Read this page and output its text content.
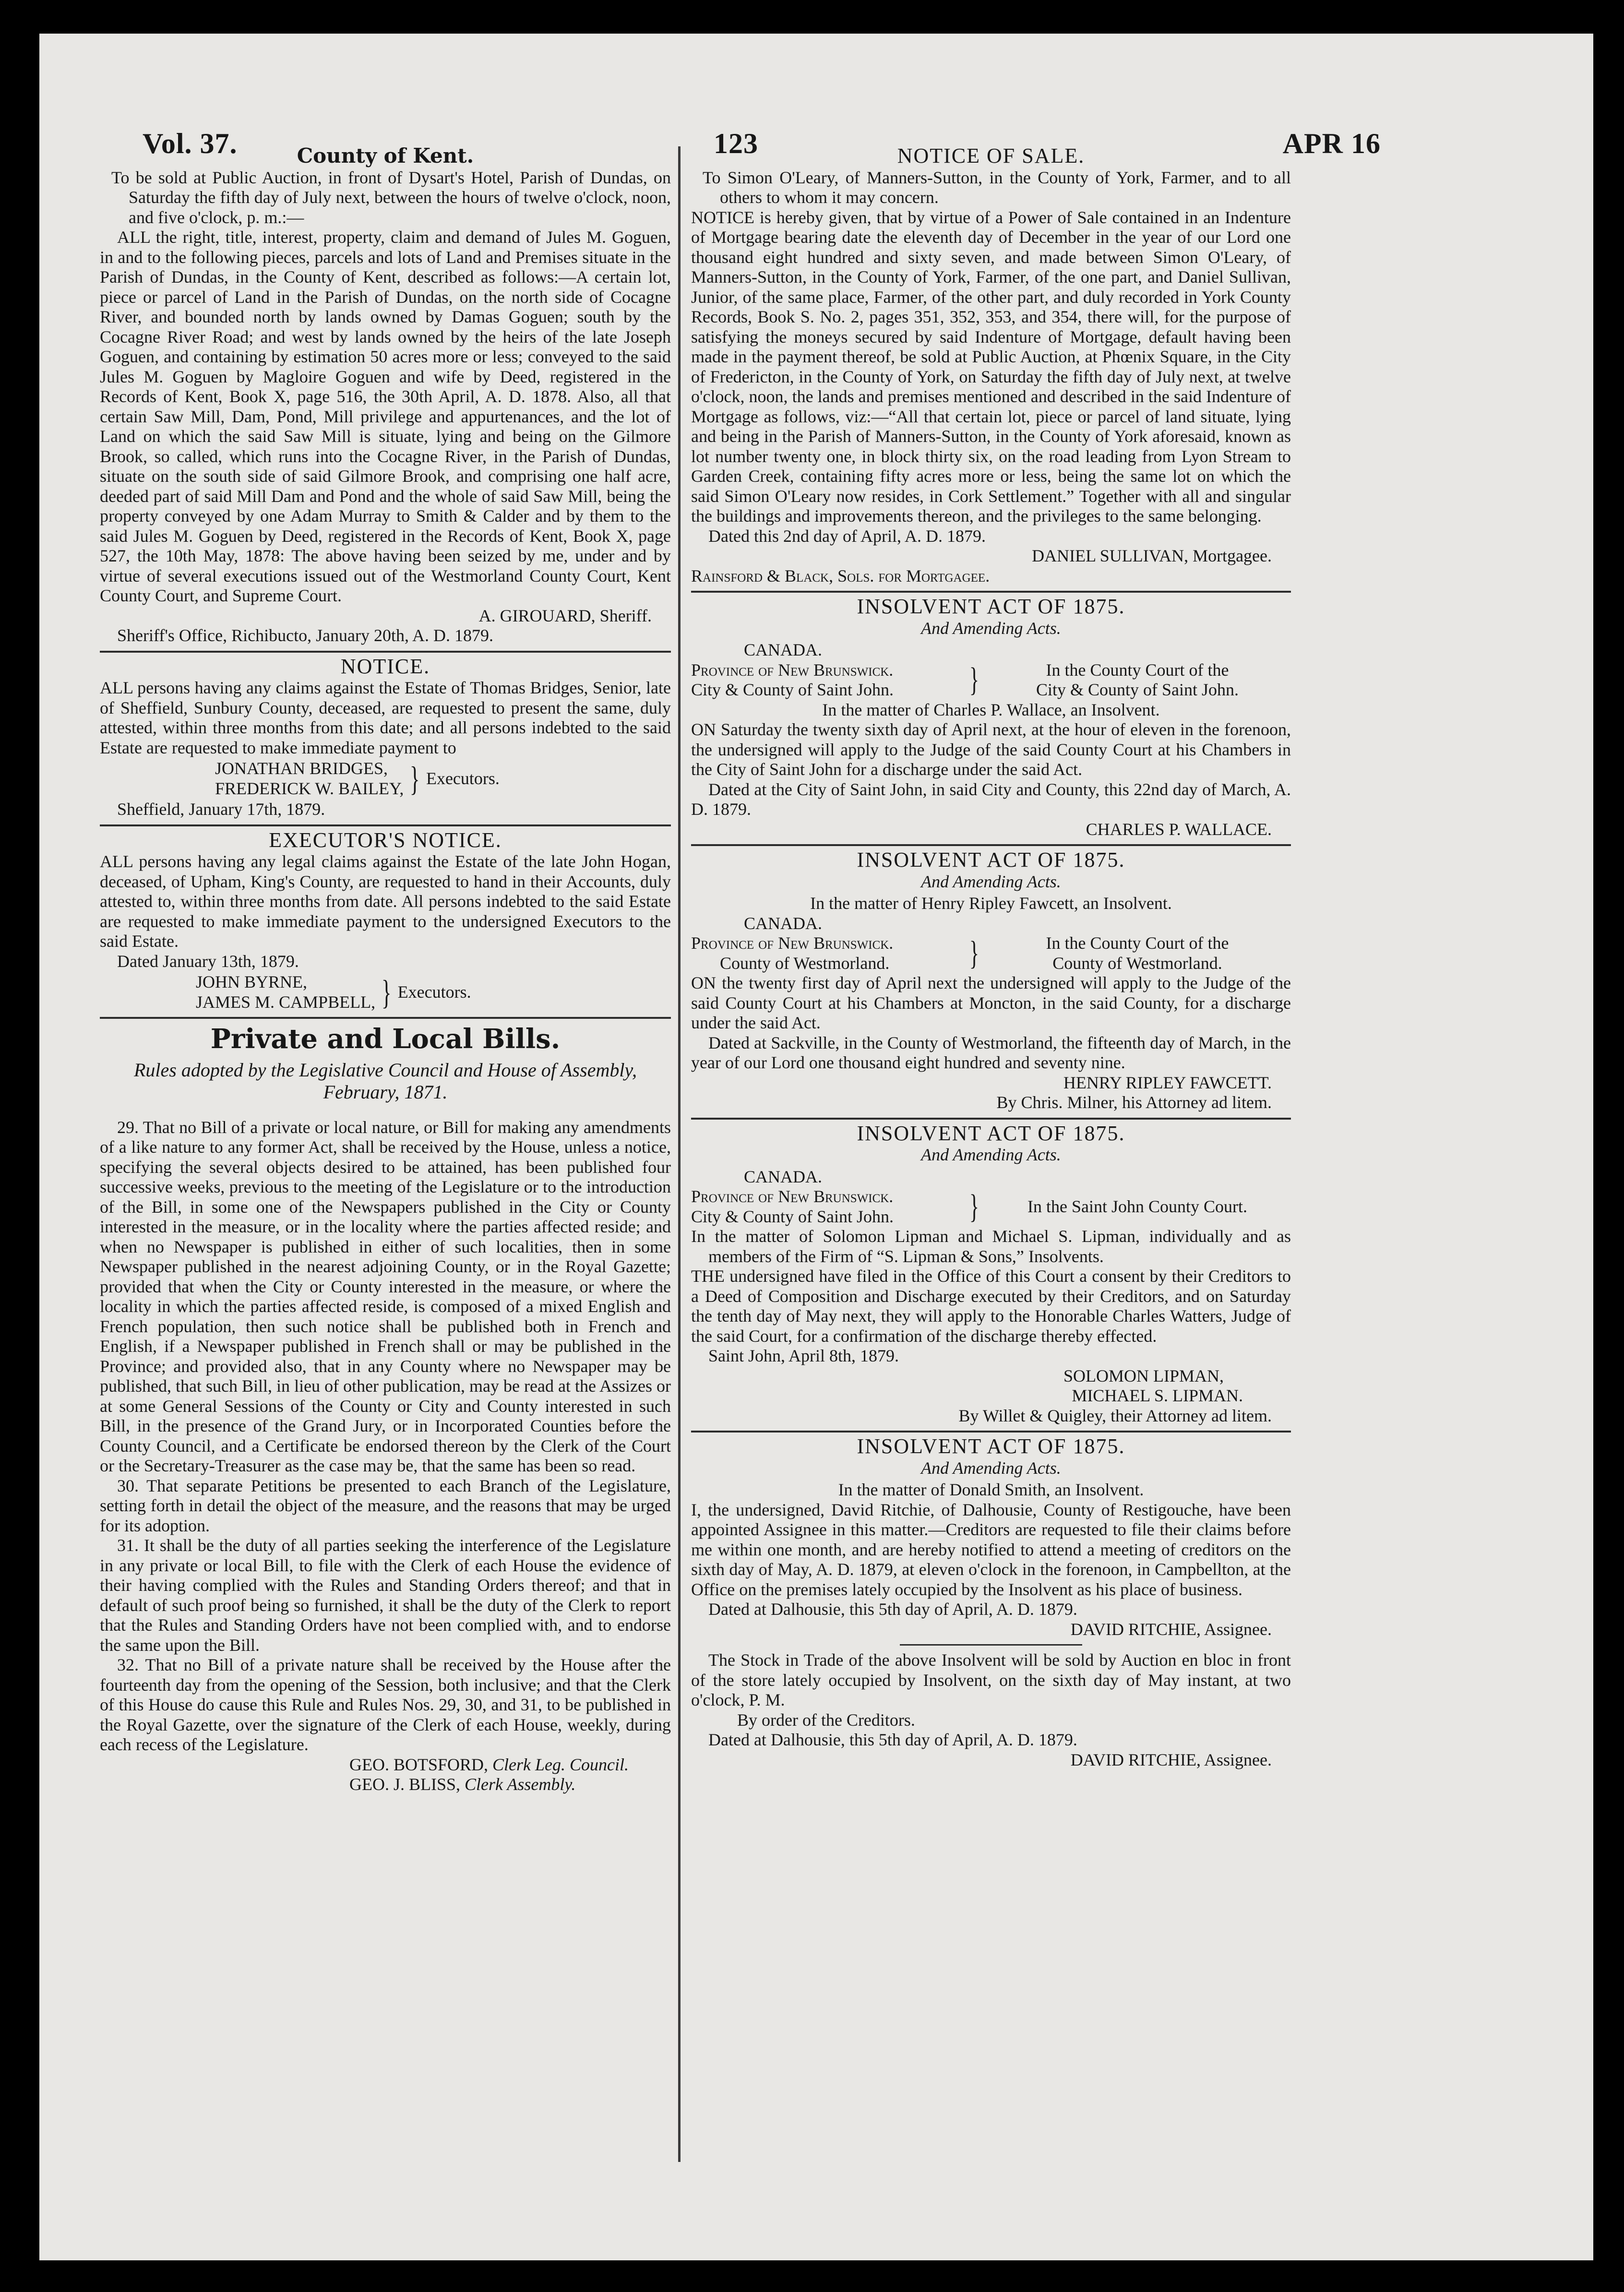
Vol. 37.	123	APR 16
County of Kent.

To be sold at Public Auction, in front of Dysart's Hotel, Parish of Dundas, on Saturday the fifth day of July next, between the hours of twelve o'clock, noon, and five o'clock, p. m.:—

ALL the right, title, interest, property, claim and demand of Jules M. Goguen, in and to the following pieces, parcels and lots of Land and Premises situate in the Parish of Dundas, in the County of Kent, described as follows:—A certain lot, piece or parcel of Land in the Parish of Dundas, on the north side of Cocagne River, and bounded north by lands owned by Damas Goguen; south by the Cocagne River Road; and west by lands owned by the heirs of the late Joseph Goguen, and containing by estimation 50 acres more or less; conveyed to the said Jules M. Goguen by Magloire Goguen and wife by Deed, registered in the Records of Kent, Book X, page 516, the 30th April, A. D. 1878. Also, all that certain Saw Mill, Dam, Pond, Mill privilege and appurtenances, and the lot of Land on which the said Saw Mill is situate, lying and being on the Gilmore Brook, so called, which runs into the Cocagne River, in the Parish of Dundas, situate on the south side of said Gilmore Brook, and comprising one half acre, deeded part of said Mill Dam and Pond and the whole of said Saw Mill, being the property conveyed by one Adam Murray to Smith & Calder and by them to the said Jules M. Goguen by Deed, registered in the Records of Kent, Book X, page 527, the 10th May, 1878: The above having been seized by me, under and by virtue of several executions issued out of the Westmorland County Court, Kent County Court, and Supreme Court.

A. GIROUARD, Sheriff.

Sheriff's Office, Richibucto, January 20th, A. D. 1879.

NOTICE.

ALL persons having any claims against the Estate of Thomas Bridges, Senior, late of Sheffield, Sunbury County, deceased, are requested to present the same, duly attested, within three months from this date; and all persons indebted to the said Estate are requested to make immediate payment to

JONATHAN BRIDGES,
FREDERICK W. BAILEY, } Executors.

Sheffield, January 17th, 1879.

EXECUTOR'S NOTICE.

ALL persons having any legal claims against the Estate of the late John Hogan, deceased, of Upham, King's County, are requested to hand in their Accounts, duly attested to, within three months from date. All persons indebted to the said Estate are requested to make immediate payment to the undersigned Executors to the said Estate.

Dated January 13th, 1879.

JOHN BYRNE,
JAMES M. CAMPBELL, } Executors.
Private and Local Bills.

Rules adopted by the Legislative Council and House of Assembly, February, 1871.

29. That no Bill of a private or local nature, or Bill for making any amendments of a like nature to any former Act, shall be received by the House, unless a notice, specifying the several objects desired to be attained, has been published four successive weeks, previous to the meeting of the Legislature or to the introduction of the Bill, in some one of the Newspapers published in the City or County interested in the measure, or in the locality where the parties affected reside; and when no Newspaper is published in either of such localities, then in some Newspaper published in the nearest adjoining County, or in the Royal Gazette; provided that when the City or County interested in the measure, or where the locality in which the parties affected reside, is composed of a mixed English and French population, then such notice shall be published both in French and English, if a Newspaper published in French shall or may be published in the Province; and provided also, that in any County where no Newspaper may be published, that such Bill, in lieu of other publication, may be read at the Assizes or at some General Sessions of the County or City and County interested in such Bill, in the presence of the Grand Jury, or in Incorporated Counties before the County Council, and a Certificate be endorsed thereon by the Clerk of the Court or the Secretary-Treasurer as the case may be, that the same has been so read.

30. That separate Petitions be presented to each Branch of the Legislature, setting forth in detail the object of the measure, and the reasons that may be urged for its adoption.

31. It shall be the duty of all parties seeking the interference of the Legislature in any private or local Bill, to file with the Clerk of each House the evidence of their having complied with the Rules and Standing Orders thereof; and that in default of such proof being so furnished, it shall be the duty of the Clerk to report that the Rules and Standing Orders have not been complied with, and to endorse the same upon the Bill.

32. That no Bill of a private nature shall be received by the House after the fourteenth day from the opening of the Session, both inclusive; and that the Clerk of this House do cause this Rule and Rules Nos. 29, 30, and 31, to be published in the Royal Gazette, over the signature of the Clerk of each House, weekly, during each recess of the Legislature.

GEO. BOTSFORD, Clerk Leg. Council.

GEO. J. BLISS, Clerk Assembly.

NOTICE OF SALE.

To Simon O'Leary, of Manners-Sutton, in the County of York, Farmer, and to all others to whom it may concern.

NOTICE is hereby given, that by virtue of a Power of Sale contained in an Indenture of Mortgage bearing date the eleventh day of December in the year of our Lord one thousand eight hundred and sixty seven, and made between Simon O'Leary, of Manners-Sutton, in the County of York, Farmer, of the one part, and Daniel Sullivan, Junior, of the same place, Farmer, of the other part, and duly recorded in York County Records, Book S. No. 2, pages 351, 352, 353, and 354, there will, for the purpose of satisfying the moneys secured by said Indenture of Mortgage, default having been made in the payment thereof, be sold at Public Auction, at Phœnix Square, in the City of Fredericton, in the County of York, on Saturday the fifth day of July next, at twelve o'clock, noon, the lands and premises mentioned and described in the said Indenture of Mortgage as follows, viz:—“All that certain lot, piece or parcel of land situate, lying and being in the Parish of Manners-Sutton, in the County of York aforesaid, known as lot number twenty one, in block thirty six, on the road leading from Lyon Stream to Garden Creek, containing fifty acres more or less, being the same lot on which the said Simon O'Leary now resides, in Cork Settlement.” Together with all and singular the buildings and improvements thereon, and the privileges to the same belonging.

Dated this 2nd day of April, A. D. 1879.

DANIEL SULLIVAN, Mortgagee.

Rainsford & Black, Sols. for Mortgagee.

INSOLVENT ACT OF 1875.

And Amending Acts.

CANADA.

Province of New Brunswick.
City & County of Saint John.	}	In the County Court of the
City & County of Saint John.

In the matter of Charles P. Wallace, an Insolvent.

ON Saturday the twenty sixth day of April next, at the hour of eleven in the forenoon, the undersigned will apply to the Judge of the said County Court at his Chambers in the City of Saint John for a discharge under the said Act.

Dated at the City of Saint John, in said City and County, this 22nd day of March, A. D. 1879.

CHARLES P. WALLACE.

INSOLVENT ACT OF 1875.

And Amending Acts.

In the matter of Henry Ripley Fawcett, an Insolvent.

CANADA.

Province of New Brunswick.
County of Westmorland.	}	In the County Court of the
County of Westmorland.

ON the twenty first day of April next the undersigned will apply to the Judge of the said County Court at his Chambers at Moncton, in the said County, for a discharge under the said Act.

Dated at Sackville, in the County of Westmorland, the fifteenth day of March, in the year of our Lord one thousand eight hundred and seventy nine.

HENRY RIPLEY FAWCETT.

By Chris. Milner, his Attorney ad litem.

INSOLVENT ACT OF 1875.

And Amending Acts.

CANADA.

Province of New Brunswick.
City & County of Saint John.	}	In the Saint John County Court.

In the matter of Solomon Lipman and Michael S. Lipman, individually and as members of the Firm of “S. Lipman & Sons,” Insolvents.

THE undersigned have filed in the Office of this Court a consent by their Creditors to a Deed of Composition and Discharge executed by their Creditors, and on Saturday the tenth day of May next, they will apply to the Honorable Charles Watters, Judge of the said Court, for a confirmation of the discharge thereby effected.

Saint John, April 8th, 1879.

SOLOMON LIPMAN,

MICHAEL S. LIPMAN.

By Willet & Quigley, their Attorney ad litem.

INSOLVENT ACT OF 1875.

And Amending Acts.

In the matter of Donald Smith, an Insolvent.

I, the undersigned, David Ritchie, of Dalhousie, County of Restigouche, have been appointed Assignee in this matter.—Creditors are requested to file their claims before me within one month, and are hereby notified to attend a meeting of creditors on the sixth day of May, A. D. 1879, at eleven o'clock in the forenoon, in Campbellton, at the Office on the premises lately occupied by the Insolvent as his place of business.

Dated at Dalhousie, this 5th day of April, A. D. 1879.

DAVID RITCHIE, Assignee.

The Stock in Trade of the above Insolvent will be sold by Auction en bloc in front of the store lately occupied by Insolvent, on the sixth day of May instant, at two o'clock, P. M.

By order of the Creditors.

Dated at Dalhousie, this 5th day of April, A. D. 1879.

DAVID RITCHIE, Assignee.
